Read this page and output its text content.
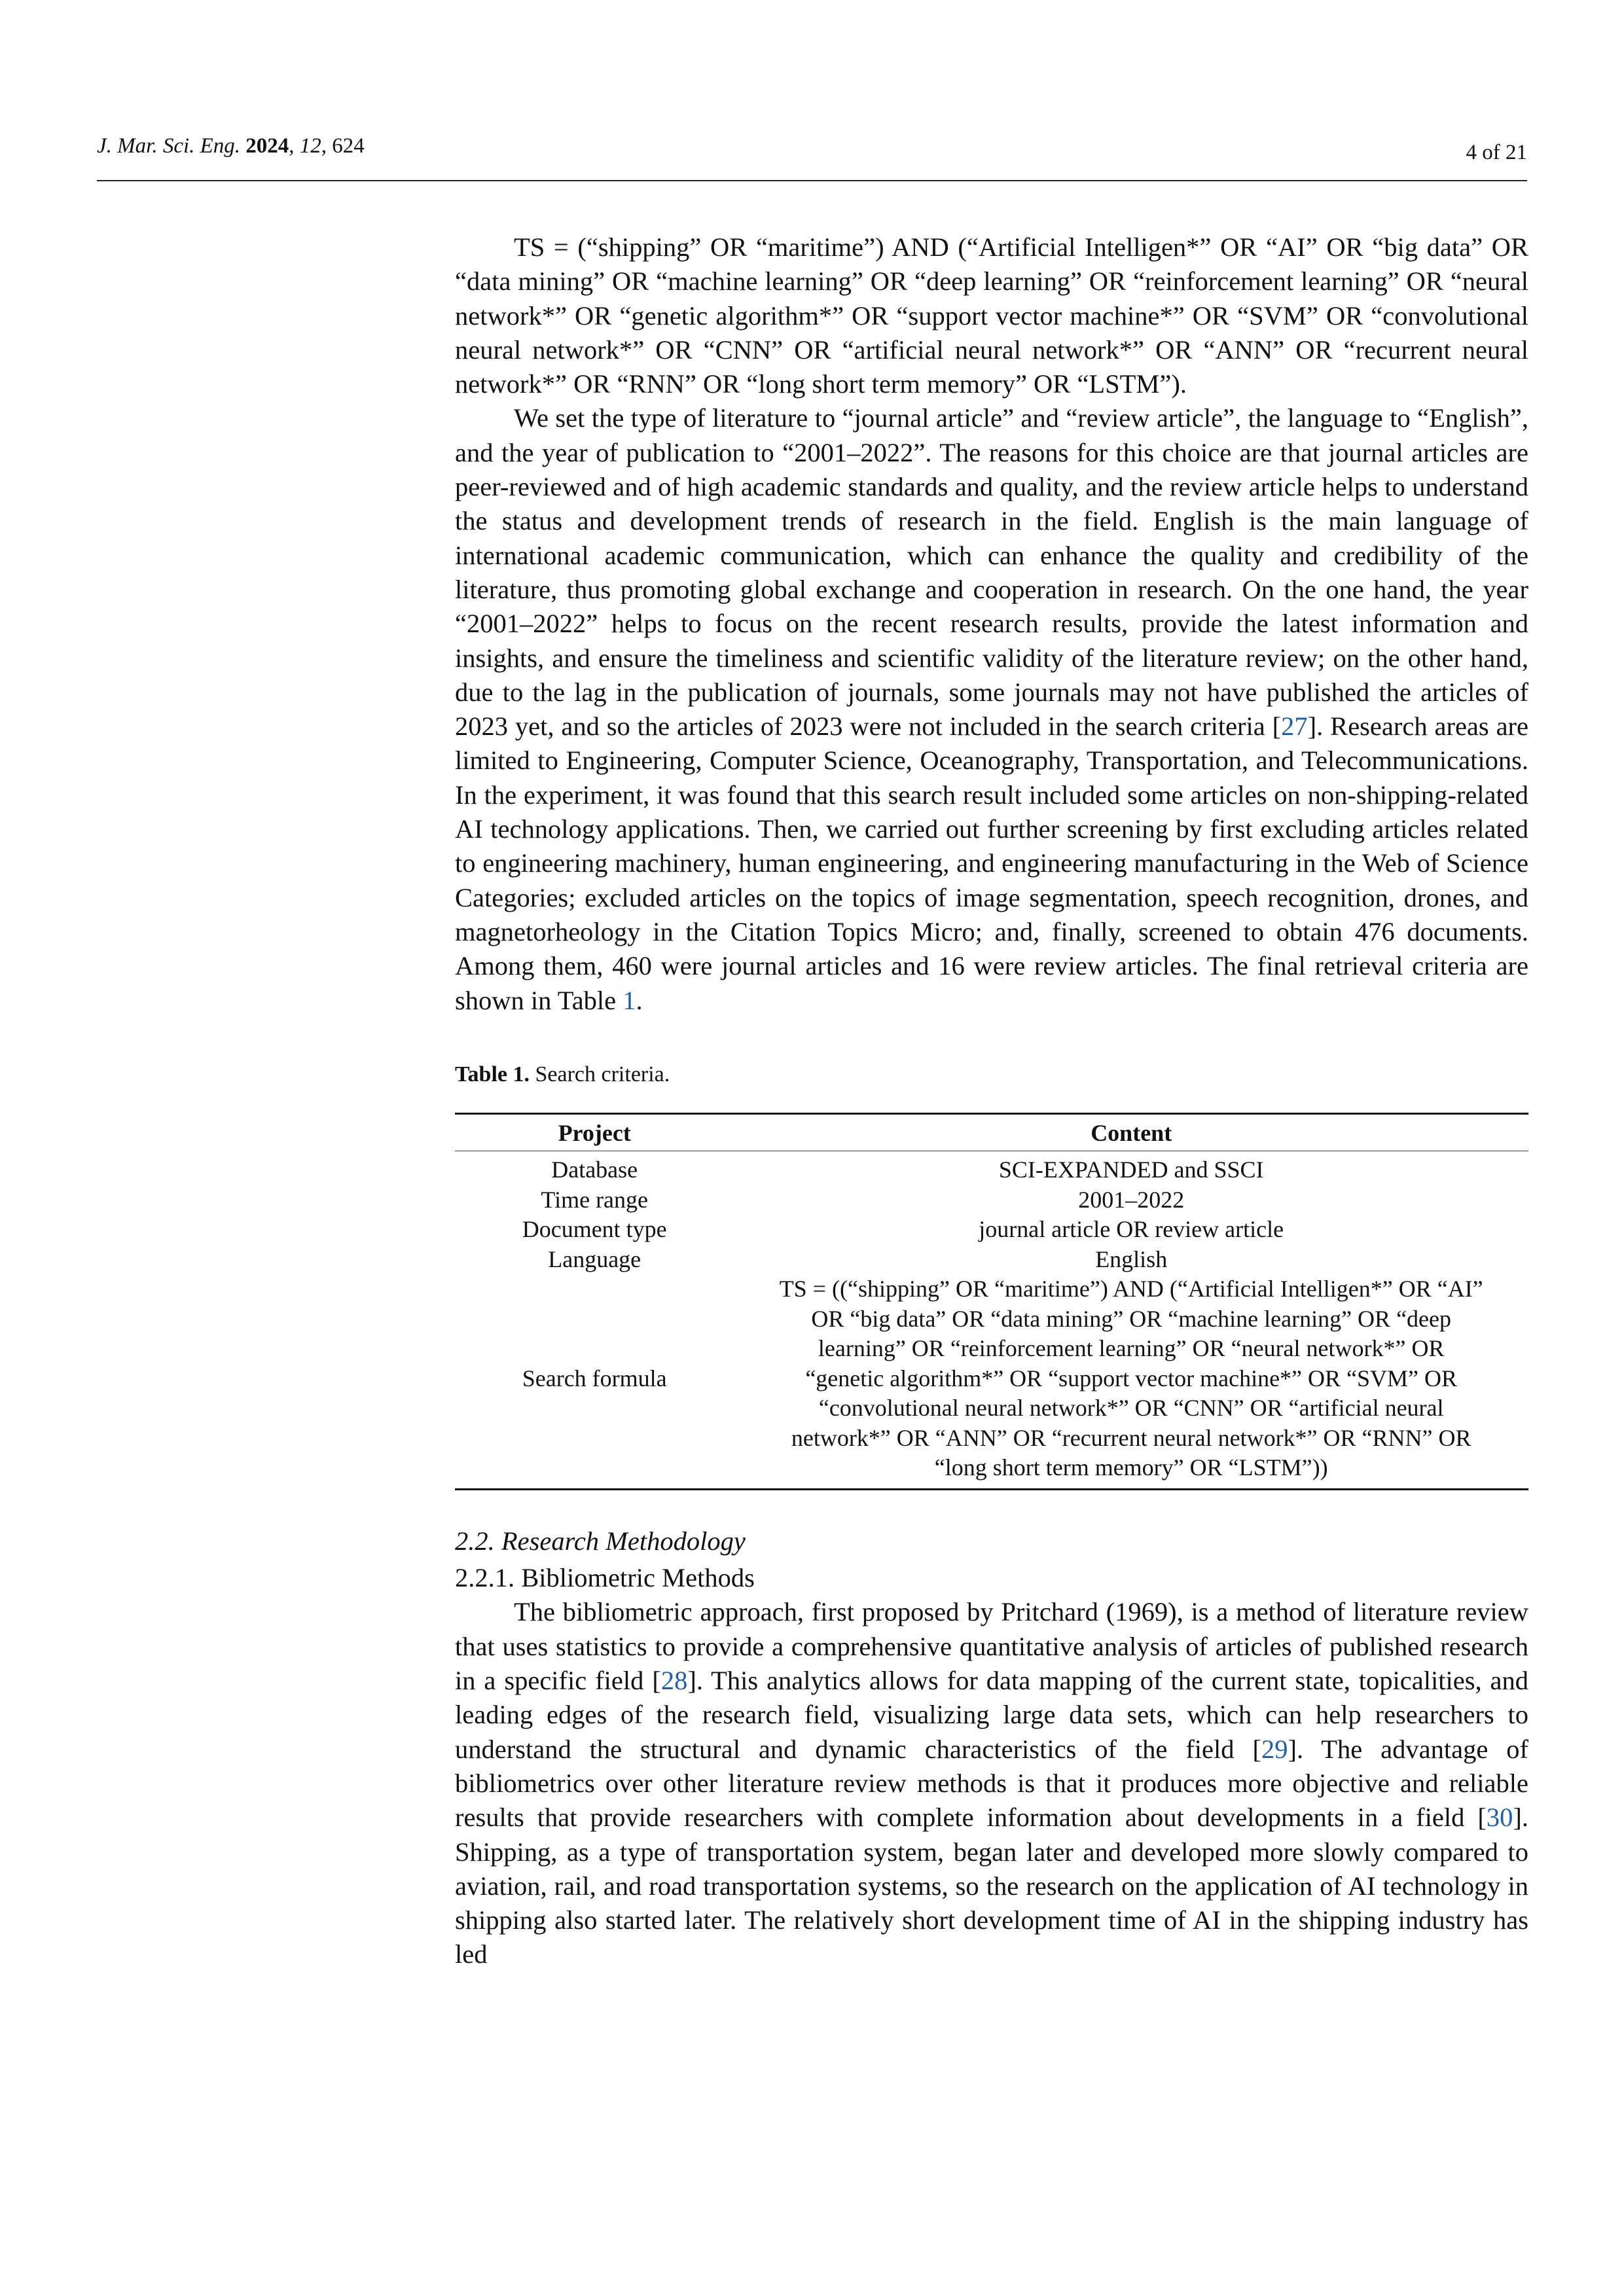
J. Mar. Sci. Eng. 2024, 12, 624	4 of 21

TS = (“shipping” OR “maritime”) AND (“Artificial Intelligen*” OR “AI” OR “big data” OR “data mining” OR “machine learning” OR “deep learning” OR “reinforcement learning” OR “neural network*” OR “genetic algorithm*” OR “support vector machine*” OR “SVM” OR “convolutional neural network*” OR “CNN” OR “artificial neural network*” OR “ANN” OR “recurrent neural network*” OR “RNN” OR “long short term memory” OR “LSTM”).

We set the type of literature to “journal article” and “review article”, the language to “English”, and the year of publication to “2001–2022”. The reasons for this choice are that journal articles are peer-reviewed and of high academic standards and quality, and the review article helps to understand the status and development trends of research in the field. English is the main language of international academic communication, which can enhance the quality and credibility of the literature, thus promoting global exchange and cooperation in research. On the one hand, the year “2001–2022” helps to focus on the recent research results, provide the latest information and insights, and ensure the timeliness and scientific validity of the literature review; on the other hand, due to the lag in the publication of journals, some journals may not have published the articles of 2023 yet, and so the articles of 2023 were not included in the search criteria [27]. Research areas are limited to Engineering, Computer Science, Oceanography, Transportation, and Telecommunications. In the experiment, it was found that this search result included some articles on non-shipping-related AI technology applications. Then, we carried out further screening by first excluding articles related to engineering machinery, human engineering, and engineering manufacturing in the Web of Science Categories; excluded articles on the topics of image segmentation, speech recognition, drones, and magnetorheology in the Citation Topics Micro; and, finally, screened to obtain 476 documents. Among them, 460 were journal articles and 16 were review articles. The final retrieval criteria are shown in Table 1.

Table 1. Search criteria.
Project	Content
Database	SCI-EXPANDED and SSCI
Time range	2001–2022
Document type	journal article OR review article
Language	English
Search formula	TS = ((“shipping” OR “maritime”) AND (“Artificial Intelligen*” OR “AI” OR “big data” OR “data mining” OR “machine learning” OR “deep learning” OR “reinforcement learning” OR “neural network*” OR “genetic algorithm*” OR “support vector machine*” OR “SVM” OR “convolutional neural network*” OR “CNN” OR “artificial neural network*” OR “ANN” OR “recurrent neural network*” OR “RNN” OR “long short term memory” OR “LSTM”))
2.2. Research Methodology
2.2.1. Bibliometric Methods

The bibliometric approach, first proposed by Pritchard (1969), is a method of literature review that uses statistics to provide a comprehensive quantitative analysis of articles of published research in a specific field [28]. This analytics allows for data mapping of the current state, topicalities, and leading edges of the research field, visualizing large data sets, which can help researchers to understand the structural and dynamic characteristics of the field [29]. The advantage of bibliometrics over other literature review methods is that it produces more objective and reliable results that provide researchers with complete information about developments in a field [30]. Shipping, as a type of transportation system, began later and developed more slowly compared to aviation, rail, and road transportation systems, so the research on the application of AI technology in shipping also started later. The relatively short development time of AI in the shipping industry has led
